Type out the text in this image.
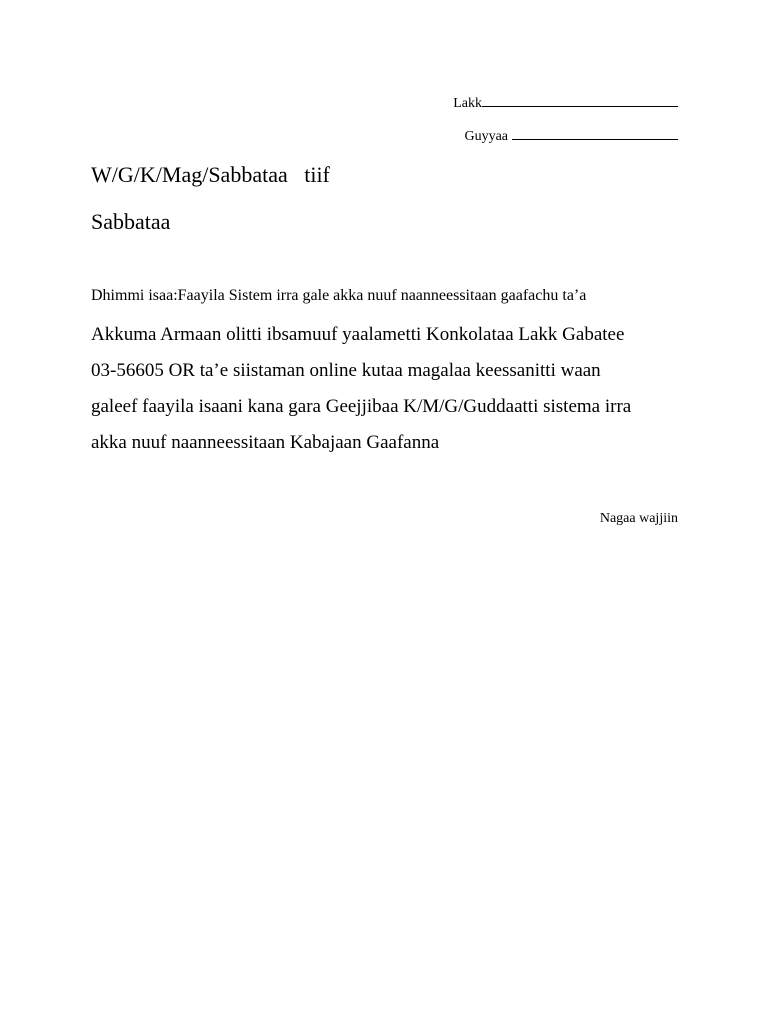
Lakk
Guyyaa
W/G/K/Mag/Sabbataa   tiif
Sabbataa
Dhimmi isaa:Faayila Sistem irra gale akka nuuf naanneessitaan gaafachu ta’a
Akkuma Armaan olitti ibsamuuf yaalametti Konkolataa Lakk Gabatee
03-56605 OR ta’e siistaman online kutaa magalaa keessanitti waan
galeef faayila isaani kana gara Geejjibaa K/M/G/Guddaatti sistema irra
akka nuuf naanneessitaan Kabajaan Gaafanna
Nagaa wajjiin
